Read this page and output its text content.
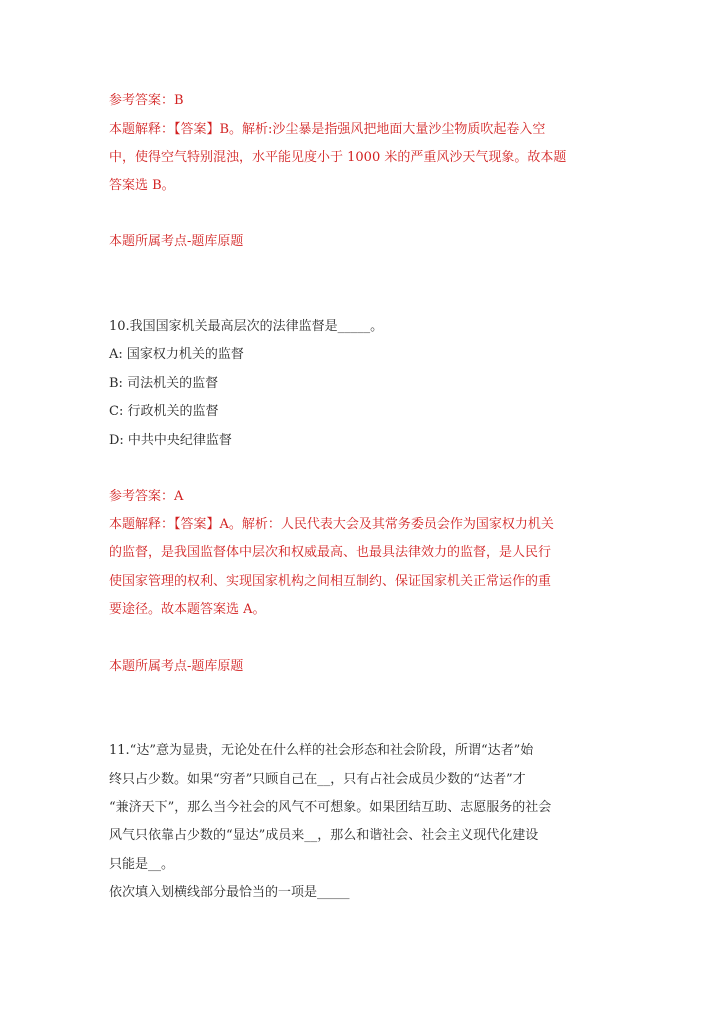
参考答案：B
本题解释：【答案】B。解析:沙尘暴是指强风把地面大量沙尘物质吹起卷入空
中，使得空气特别混浊，水平能见度小于 1000 米的严重风沙天气现象。故本题
答案选 B。
本题所属考点-题库原题
10.我国国家机关最高层次的法律监督是_____。
A: 国家权力机关的监督
B: 司法机关的监督
C: 行政机关的监督
D: 中共中央纪律监督
参考答案：A
本题解释：【答案】A。解析：人民代表大会及其常务委员会作为国家权力机关
的监督，是我国监督体中层次和权威最高、也最具法律效力的监督，是人民行
使国家管理的权利、实现国家机构之间相互制约、保证国家机关正常运作的重
要途径。故本题答案选 A。
本题所属考点-题库原题
11.“达”意为显贵，无论处在什么样的社会形态和社会阶段，所谓“达者”始
终只占少数。如果“穷者”只顾自己在__，只有占社会成员少数的“达者”才
“兼济天下”，那么当今社会的风气不可想象。如果团结互助、志愿服务的社会
风气只依靠占少数的“显达”成员来__，那么和谐社会、社会主义现代化建设
只能是__。
依次填入划横线部分最恰当的一项是_____
